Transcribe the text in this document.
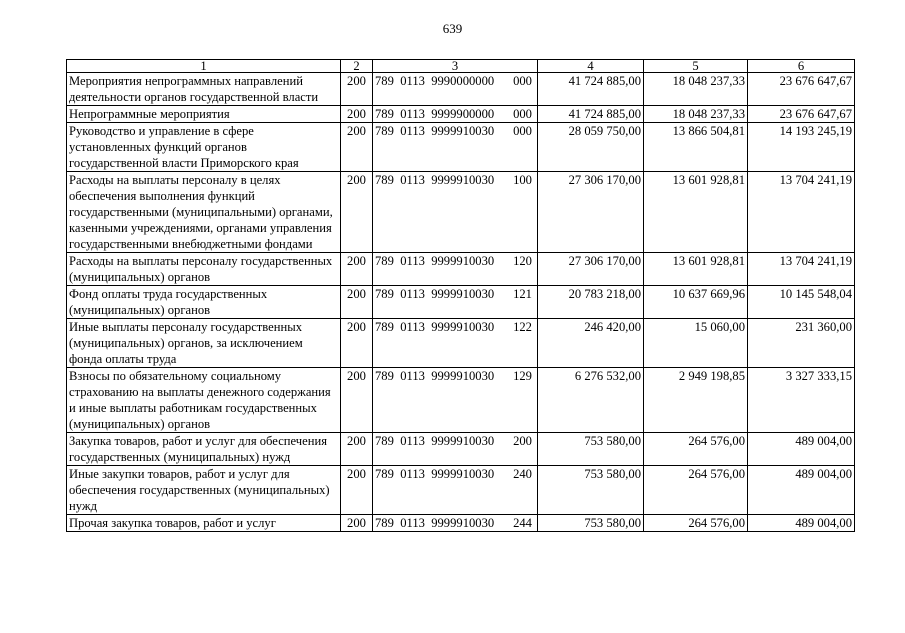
639
1	2	3	4	5	6
Мероприятия непрограммных направлений деятельности органов государственной власти	200	789  0113  9990000000      000	41 724 885,00	18 048 237,33	23 676 647,67
Непрограммные мероприятия	200	789  0113  9999900000      000	41 724 885,00	18 048 237,33	23 676 647,67
Руководство и управление в сфере установленных функций органов государственной власти Приморского края	200	789  0113  9999910030      000	28 059 750,00	13 866 504,81	14 193 245,19
Расходы на выплаты персоналу в целях обеспечения выполнения функций государственными (муниципальными) органами, казенными учреждениями, органами управления государственными внебюджетными фондами	200	789  0113  9999910030      100	27 306 170,00	13 601 928,81	13 704 241,19
Расходы на выплаты персоналу государственных (муниципальных) органов	200	789  0113  9999910030      120	27 306 170,00	13 601 928,81	13 704 241,19
Фонд оплаты труда государственных (муниципальных) органов	200	789  0113  9999910030      121	20 783 218,00	10 637 669,96	10 145 548,04
Иные выплаты персоналу государственных (муниципальных) органов, за исключением фонда оплаты труда	200	789  0113  9999910030      122	246 420,00	15 060,00	231 360,00
Взносы по обязательному социальному страхованию на выплаты денежного содержания и иные выплаты работникам государственных (муниципальных) органов	200	789  0113  9999910030      129	6 276 532,00	2 949 198,85	3 327 333,15
Закупка товаров, работ и услуг для обеспечения государственных (муниципальных) нужд	200	789  0113  9999910030      200	753 580,00	264 576,00	489 004,00
Иные закупки товаров, работ и услуг для обеспечения государственных (муниципальных) нужд	200	789  0113  9999910030      240	753 580,00	264 576,00	489 004,00
Прочая закупка товаров, работ и услуг	200	789  0113  9999910030      244	753 580,00	264 576,00	489 004,00
